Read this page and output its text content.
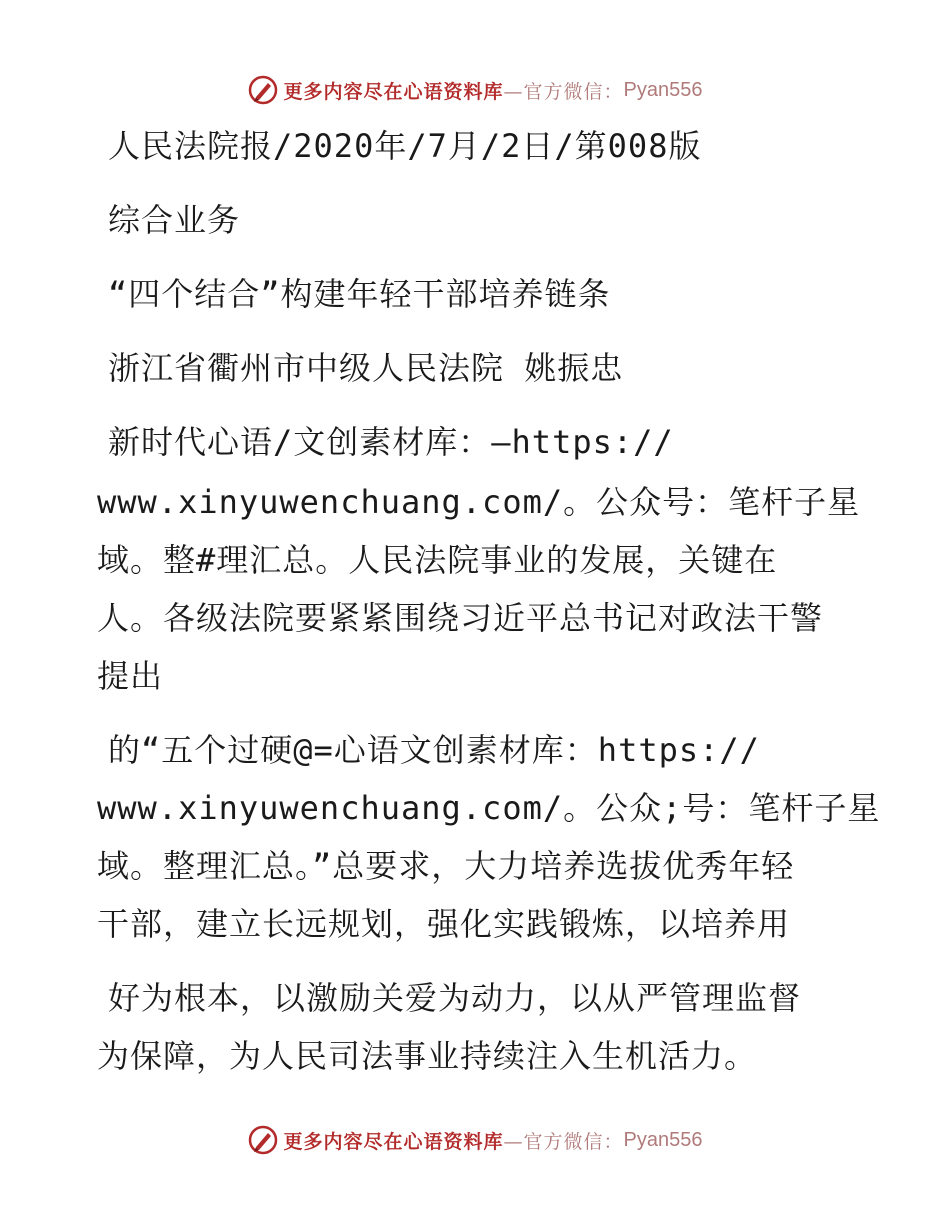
更多内容尽在心语资料库 —官方微信： Pyan556
人民法院报/2020年/7月/2日/第008版
综合业务
“四个结合”构建年轻干部培养链条
浙江省衢州市中级人民法院 姚振忠
新时代心语/文创素材库：—https://
www.xinyuwenchuang.com/。公众号：笔杆子星
域。整#理汇总。人民法院事业的发展，关键在
人。各级法院要紧紧围绕习近平总书记对政法干警
提出
的“五个过硬@=心语文创素材库：https://
www.xinyuwenchuang.com/。公众;号：笔杆子星
域。整理汇总。”总要求，大力培养选拔优秀年轻
干部，建立长远规划，强化实践锻炼，以培养用
好为根本，以激励关爱为动力，以从严管理监督
为保障，为人民司法事业持续注入生机活力。
更多内容尽在心语资料库 —官方微信： Pyan556
